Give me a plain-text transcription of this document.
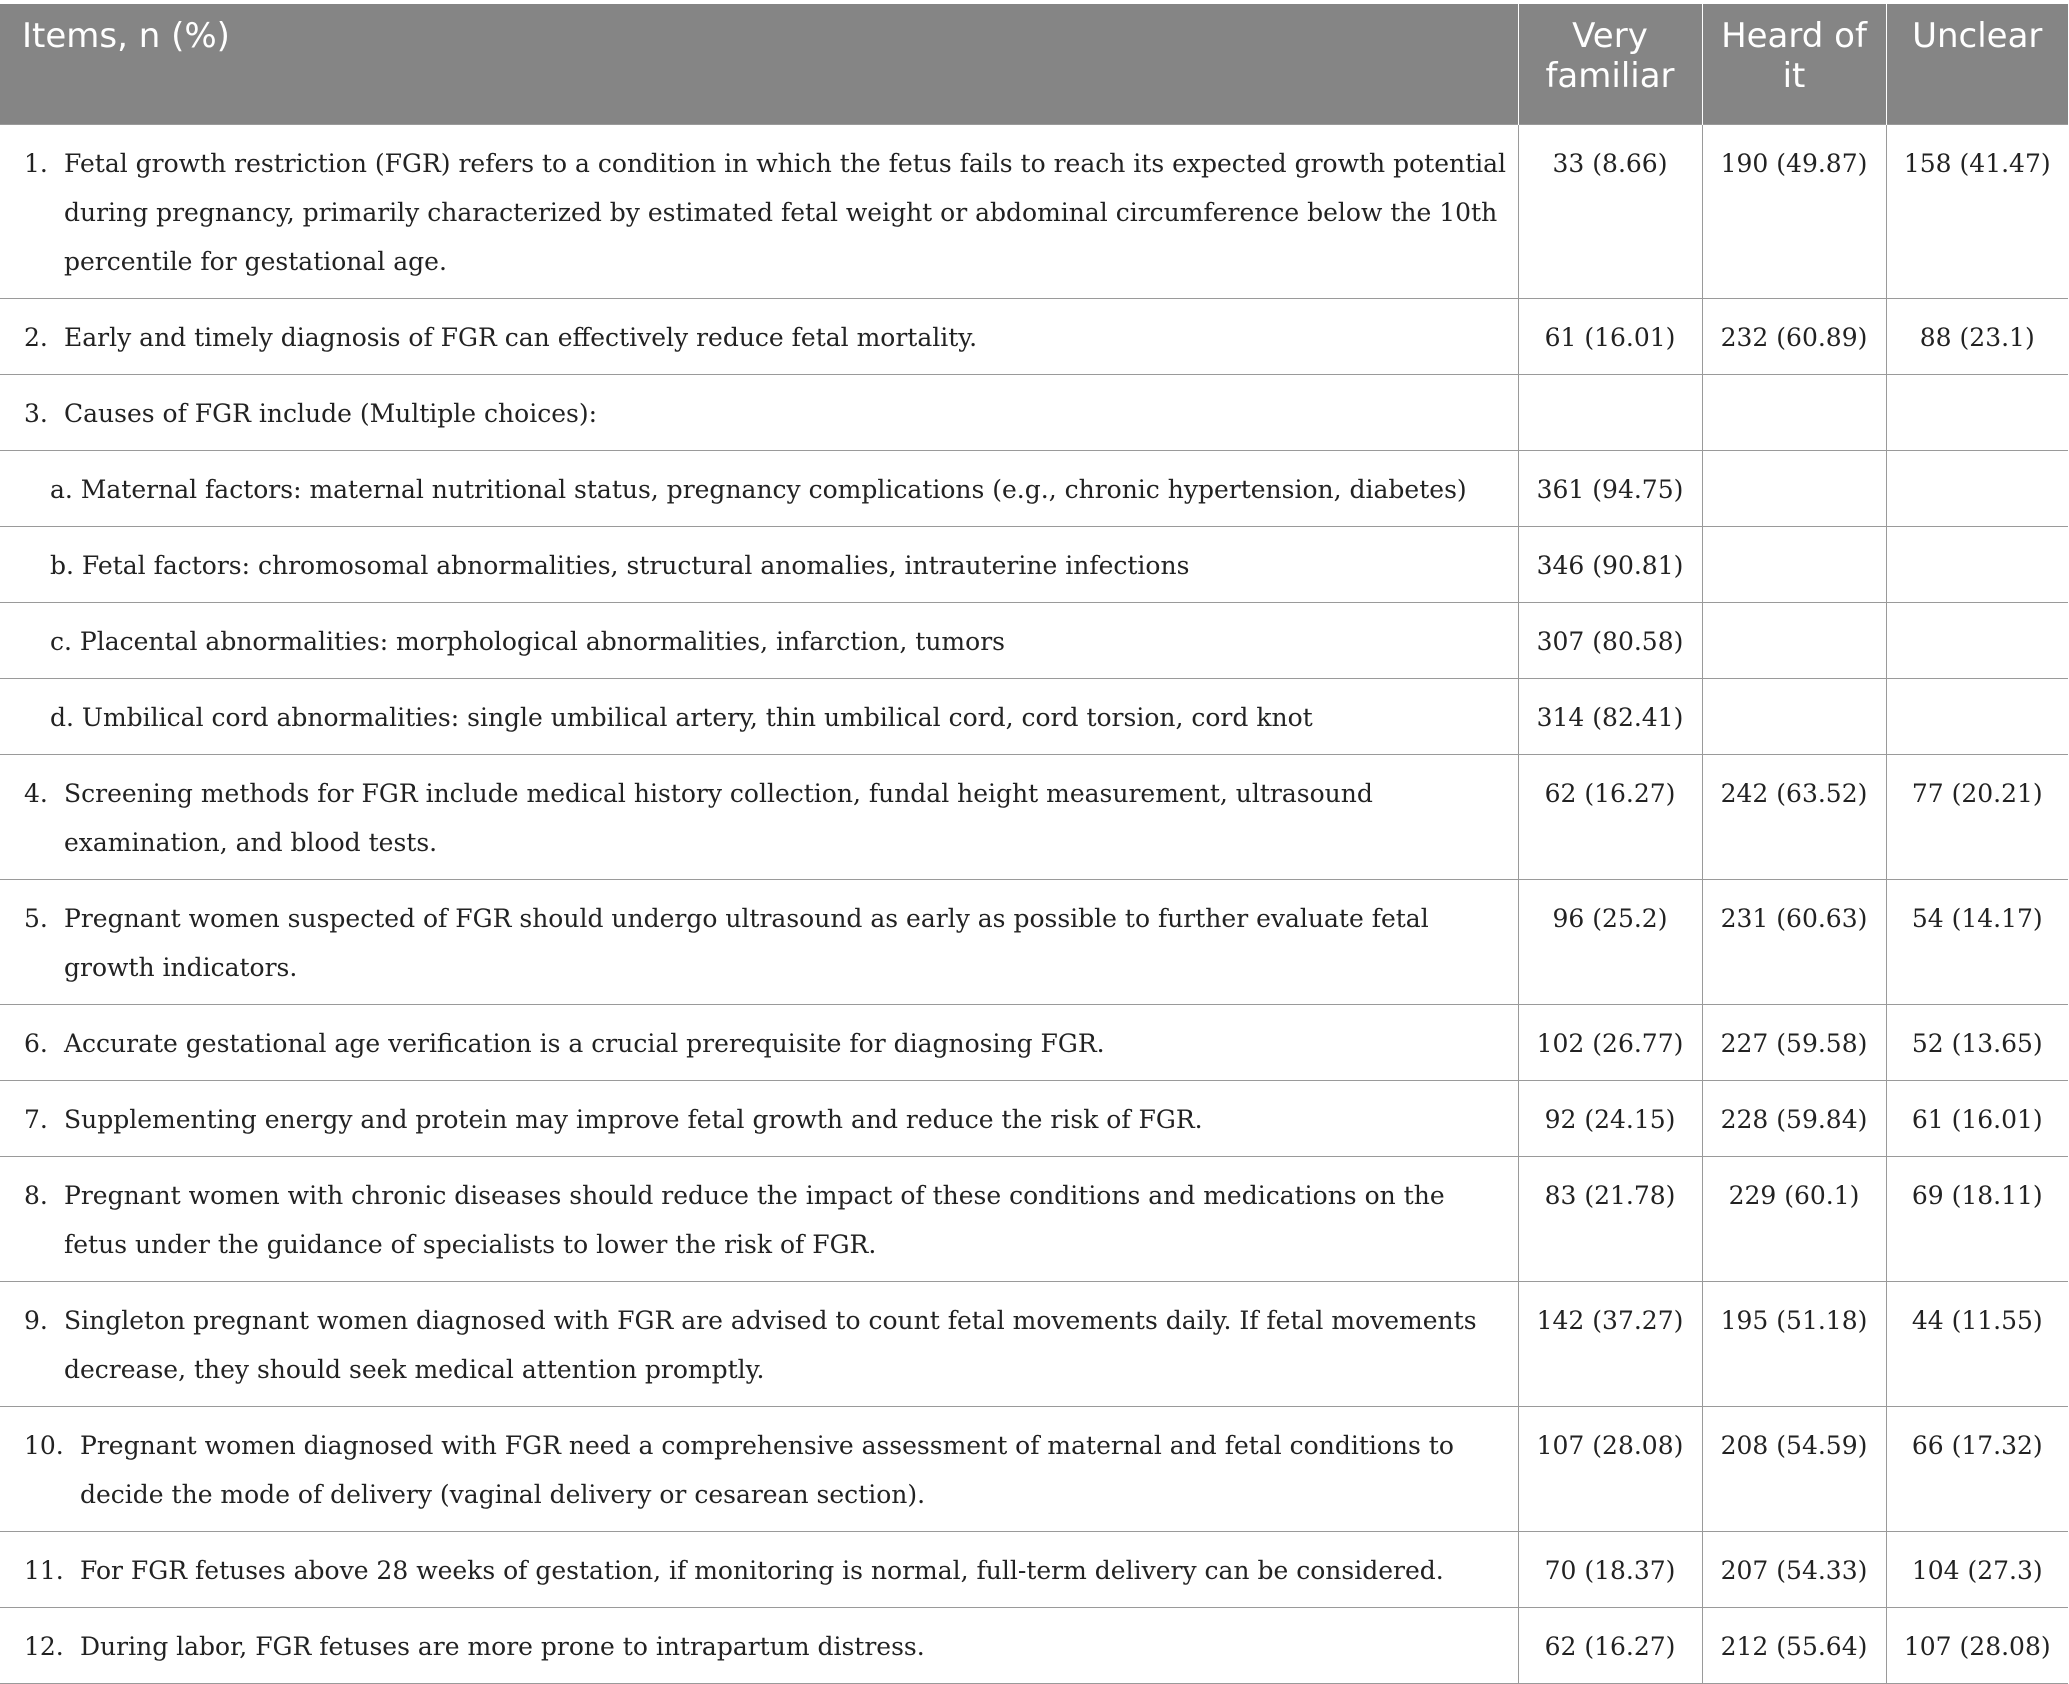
Items, n (%)	Very familiar	Heard of it	Unclear

1. Fetal growth restriction (FGR) refers to a condition in which the fetus fails to reach its expected growth potential during pregnancy, primarily characterized by estimated fetal weight or abdominal circumference below the 10th percentile for gestational age.	33 (8.66)	190 (49.87)	158 (41.47)

2. Early and timely diagnosis of FGR can effectively reduce fetal mortality.	61 (16.01)	232 (60.89)	88 (23.1)

3. Causes of FGR include (Multiple choices):			

a. Maternal factors: maternal nutritional status, pregnancy complications (e.g., chronic hypertension, diabetes)	361 (94.75)		

b. Fetal factors: chromosomal abnormalities, structural anomalies, intrauterine infections	346 (90.81)		

c. Placental abnormalities: morphological abnormalities, infarction, tumors	307 (80.58)		

d. Umbilical cord abnormalities: single umbilical artery, thin umbilical cord, cord torsion, cord knot	314 (82.41)		

4. Screening methods for FGR include medical history collection, fundal height measurement, ultrasound examination, and blood tests.	62 (16.27)	242 (63.52)	77 (20.21)

5. Pregnant women suspected of FGR should undergo ultrasound as early as possible to further evaluate fetal growth indicators.	96 (25.2)	231 (60.63)	54 (14.17)

6. Accurate gestational age verification is a crucial prerequisite for diagnosing FGR.	102 (26.77)	227 (59.58)	52 (13.65)

7. Supplementing energy and protein may improve fetal growth and reduce the risk of FGR.	92 (24.15)	228 (59.84)	61 (16.01)

8. Pregnant women with chronic diseases should reduce the impact of these conditions and medications on the fetus under the guidance of specialists to lower the risk of FGR.	83 (21.78)	229 (60.1)	69 (18.11)

9. Singleton pregnant women diagnosed with FGR are advised to count fetal movements daily. If fetal movements decrease, they should seek medical attention promptly.	142 (37.27)	195 (51.18)	44 (11.55)

10. Pregnant women diagnosed with FGR need a comprehensive assessment of maternal and fetal conditions to decide the mode of delivery (vaginal delivery or cesarean section).	107 (28.08)	208 (54.59)	66 (17.32)

11. For FGR fetuses above 28 weeks of gestation, if monitoring is normal, full-term delivery can be considered.	70 (18.37)	207 (54.33)	104 (27.3)

12. During labor, FGR fetuses are more prone to intrapartum distress.	62 (16.27)	212 (55.64)	107 (28.08)
